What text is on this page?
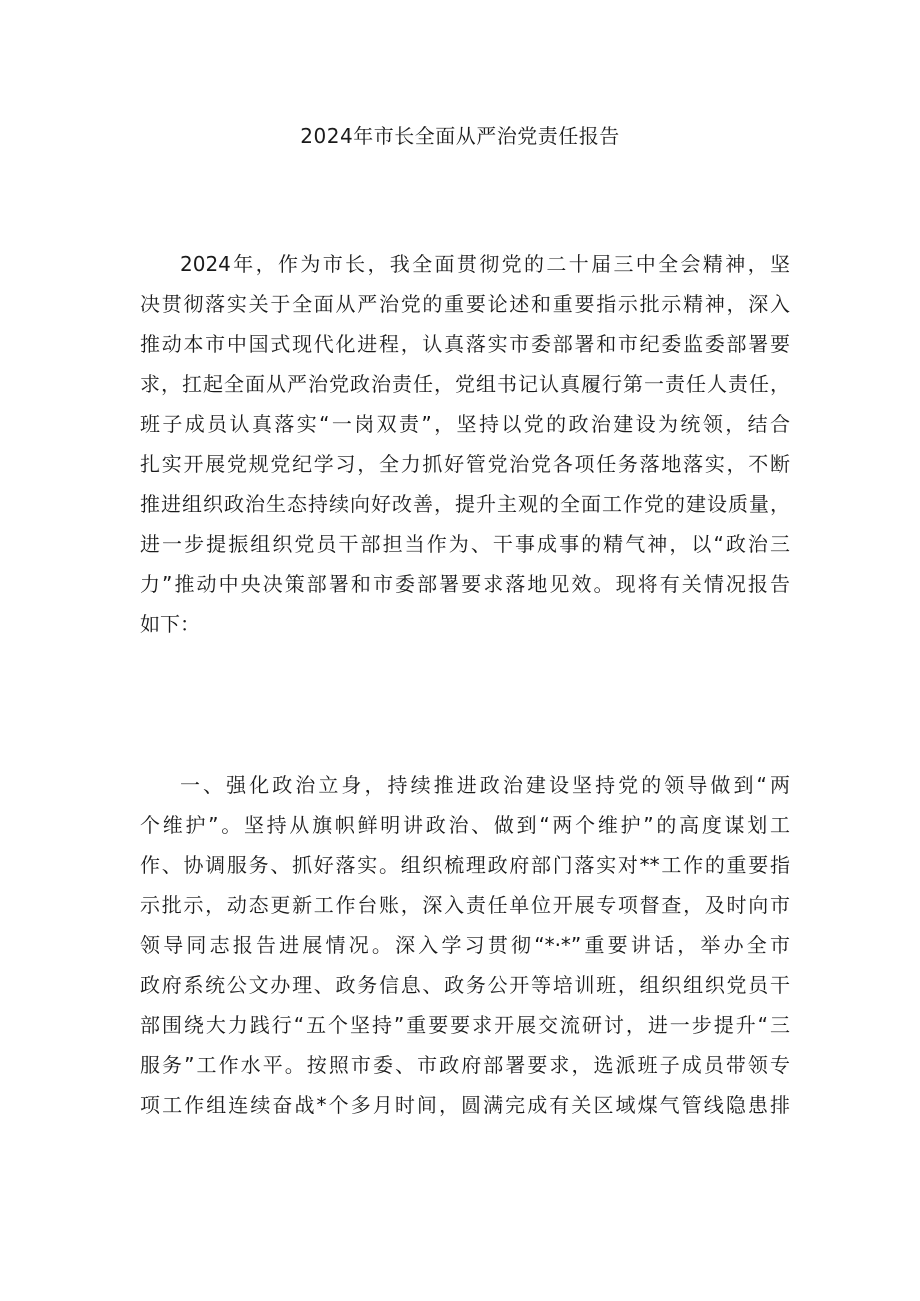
2024年市长全面从严治党责任报告

2024年，作为市长，我全面贯彻党的二十届三中全会精神，坚
决贯彻落实关于全面从严治党的重要论述和重要指示批示精神，深入
推动本市中国式现代化进程，认真落实市委部署和市纪委监委部署要
求，扛起全面从严治党政治责任，党组书记认真履行第一责任人责任，
班子成员认真落实“一岗双责”，坚持以党的政治建设为统领，结合
扎实开展党规党纪学习，全力抓好管党治党各项任务落地落实，不断
推进组织政治生态持续向好改善，提升主观的全面工作党的建设质量，
进一步提振组织党员干部担当作为、干事成事的精气神，以“政治三
力”推动中央决策部署和市委部署要求落地见效。现将有关情况报告
如下：

一、强化政治立身，持续推进政治建设坚持党的领导做到“两
个维护”。坚持从旗帜鲜明讲政治、做到“两个维护”的高度谋划工
作、协调服务、抓好落实。组织梳理政府部门落实对**工作的重要指
示批示，动态更新工作台账，深入责任单位开展专项督查，及时向市
领导同志报告进展情况。深入学习贯彻“*·*”重要讲话，举办全市
政府系统公文办理、政务信息、政务公开等培训班，组织组织党员干
部围绕大力践行“五个坚持”重要要求开展交流研讨，进一步提升“三
服务”工作水平。按照市委、市政府部署要求，选派班子成员带领专
项工作组连续奋战*个多月时间，圆满完成有关区域煤气管线隐患排
